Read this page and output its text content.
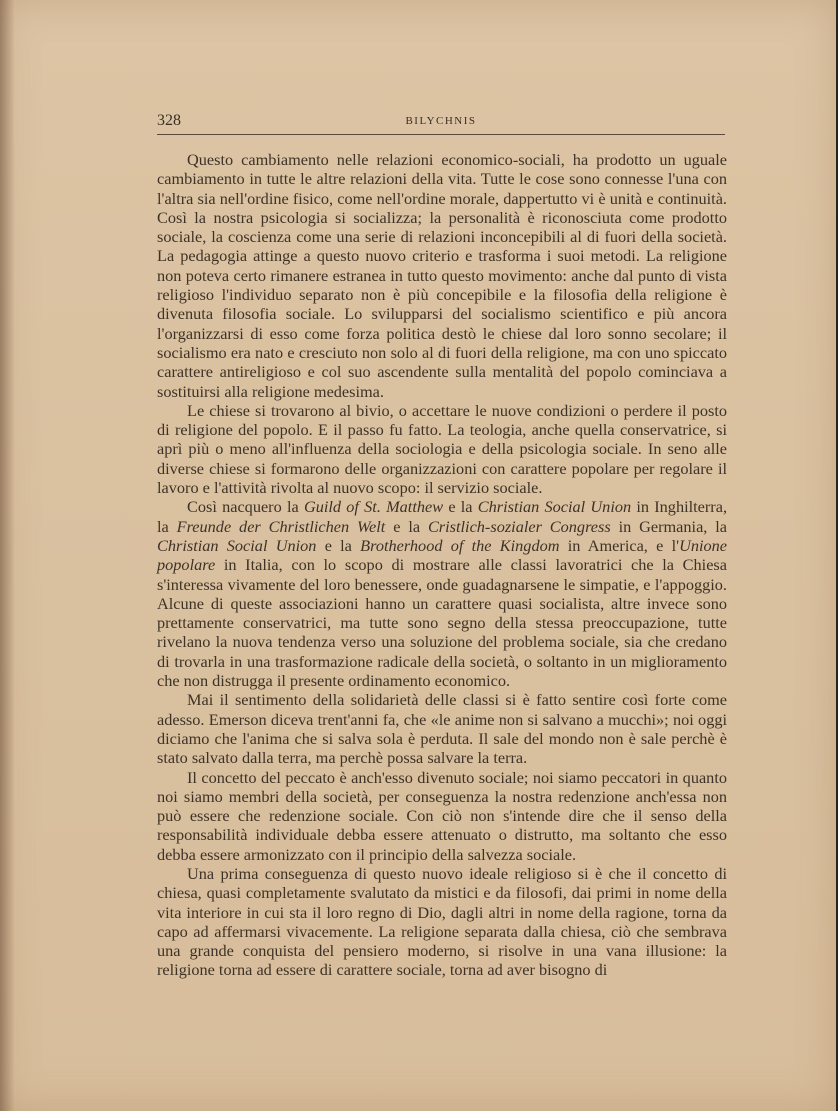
328	BILYCHNIS

Questo cambiamento nelle relazioni economico-sociali, ha prodotto un uguale cambiamento in tutte le altre relazioni della vita. Tutte le cose sono connesse l'una con l'altra sia nell'ordine fisico, come nell'ordine morale, dappertutto vi è unità e continuità. Così la nostra psicologia si socializza; la personalità è riconosciuta come prodotto sociale, la coscienza come una serie di relazioni inconcepibili al di fuori della società. La pedagogia attinge a questo nuovo criterio e trasforma i suoi metodi. La religione non poteva certo rimanere estranea in tutto questo movimento: anche dal punto di vista religioso l'individuo separato non è più concepibile e la filosofia della religione è divenuta filosofia sociale. Lo svilupparsi del socialismo scientifico e più ancora l'organizzarsi di esso come forza politica destò le chiese dal loro sonno secolare; il socialismo era nato e cresciuto non solo al di fuori della religione, ma con uno spiccato carattere antireligioso e col suo ascendente sulla mentalità del popolo cominciava a sostituirsi alla religione medesima.

Le chiese si trovarono al bivio, o accettare le nuove condizioni o perdere il posto di religione del popolo. E il passo fu fatto. La teologia, anche quella conservatrice, si aprì più o meno all'influenza della sociologia e della psicologia sociale. In seno alle diverse chiese si formarono delle organizzazioni con carattere popolare per regolare il lavoro e l'attività rivolta al nuovo scopo: il servizio sociale.

Così nacquero la Guild of St. Matthew e la Christian Social Union in Inghilterra, la Freunde der Christlichen Welt e la Cristlich-sozialer Congress in Germania, la Christian Social Union e la Brotherhood of the Kingdom in America, e l'Unione popolare in Italia, con lo scopo di mostrare alle classi lavoratrici che la Chiesa s'interessa vivamente del loro benessere, onde guadagnarsene le simpatie, e l'appoggio. Alcune di queste associazioni hanno un carattere quasi socialista, altre invece sono prettamente conservatrici, ma tutte sono segno della stessa preoccupazione, tutte rivelano la nuova tendenza verso una soluzione del problema sociale, sia che credano di trovarla in una trasformazione radicale della società, o soltanto in un miglioramento che non distrugga il presente ordinamento economico.

Mai il sentimento della solidarietà delle classi si è fatto sentire così forte come adesso. Emerson diceva trent'anni fa, che «le anime non si salvano a mucchi»; noi oggi diciamo che l'anima che si salva sola è perduta. Il sale del mondo non è sale perchè è stato salvato dalla terra, ma perchè possa salvare la terra.

Il concetto del peccato è anch'esso divenuto sociale; noi siamo peccatori in quanto noi siamo membri della società, per conseguenza la nostra redenzione anch'essa non può essere che redenzione sociale. Con ciò non s'intende dire che il senso della responsabilità individuale debba essere attenuato o distrutto, ma soltanto che esso debba essere armonizzato con il principio della salvezza sociale.

Una prima conseguenza di questo nuovo ideale religioso si è che il concetto di chiesa, quasi completamente svalutato da mistici e da filosofi, dai primi in nome della vita interiore in cui sta il loro regno di Dio, dagli altri in nome della ragione, torna da capo ad affermarsi vivacemente. La religione separata dalla chiesa, ciò che sembrava una grande conquista del pensiero moderno, si risolve in una vana illusione: la religione torna ad essere di carattere sociale, torna ad aver bisogno di
